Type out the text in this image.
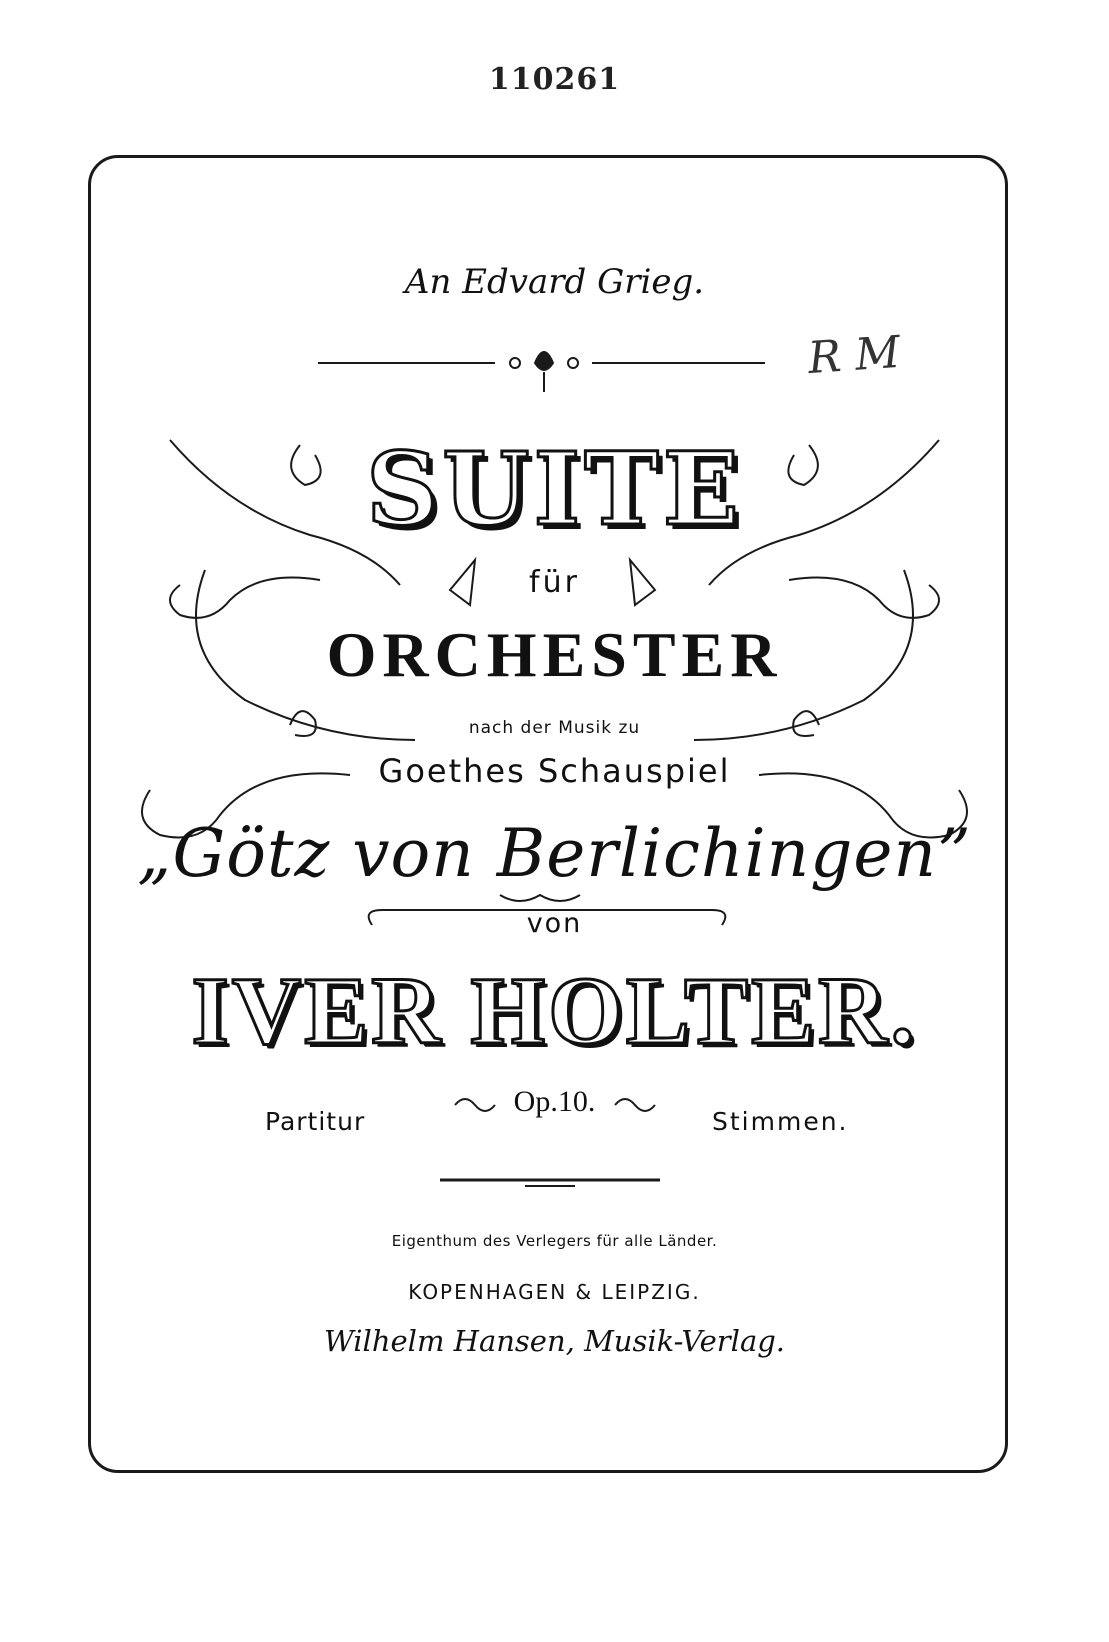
110261
An Edvard Grieg.
R M
SUITE
für
ORCHESTER
nach der Musik zu
Goethes Schauspiel
„Götz von Berlichingen”
von
IVER HOLTER.
Partitur
Op.10.
Stimmen.
Eigenthum des Verlegers für alle Länder.
KOPENHAGEN & LEIPZIG.
Wilhelm Hansen, Musik-Verlag.
